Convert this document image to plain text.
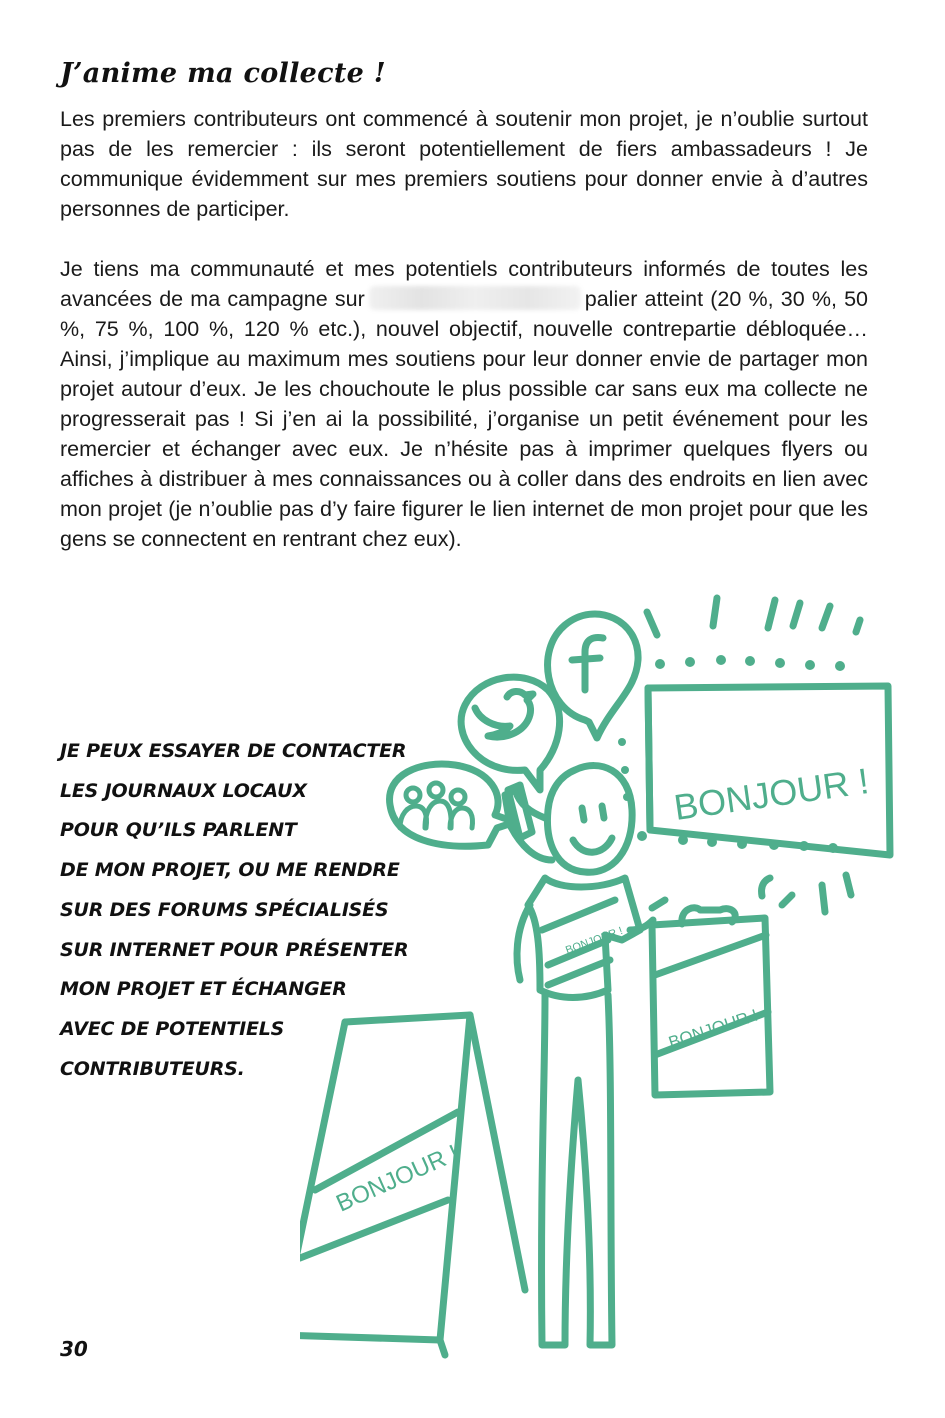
J’anime ma collecte !

Les premiers contributeurs ont commencé à soutenir mon projet, je n’oublie surtout pas de les remercier : ils seront potentiellement de fiers ambassadeurs ! Je communique évidemment sur mes premiers soutiens pour donner envie à d’autres personnes de participer.

Je tiens ma communauté et mes potentiels contributeurs informés de toutes les avancées de ma campagne sur	palier atteint (20 %, 30 %, 50 %, 75 %, 100 %, 120 % etc.), nouvel objectif, nouvelle contrepartie débloquée… Ainsi, j’implique au maximum mes soutiens pour leur donner envie de partager mon projet autour d’eux. Je les chouchoute le plus possible car sans eux ma collecte ne progresserait pas ! Si j’en ai la possibilité, j’organise un petit événement pour les remercier et échanger avec eux. Je n’hésite pas à imprimer quelques flyers ou affiches à distribuer à mes connaissances ou à coller dans des endroits en lien avec mon projet (je n’oublie pas d’y faire figurer le lien internet de mon projet pour que les gens se connectent en rentrant chez eux).

JE PEUX ESSAYER DE CONTACTER
LES JOURNAUX LOCAUX
POUR QU’ILS PARLENT
DE MON PROJET, OU ME RENDRE
SUR DES FORUMS SPÉCIALISÉS
SUR INTERNET POUR PRÉSENTER
MON PROJET ET ÉCHANGER
AVEC DE POTENTIELS
CONTRIBUTEURS.
BONJOUR !
BONJOUR !
BONJOUR !
BONJOUR !
30
